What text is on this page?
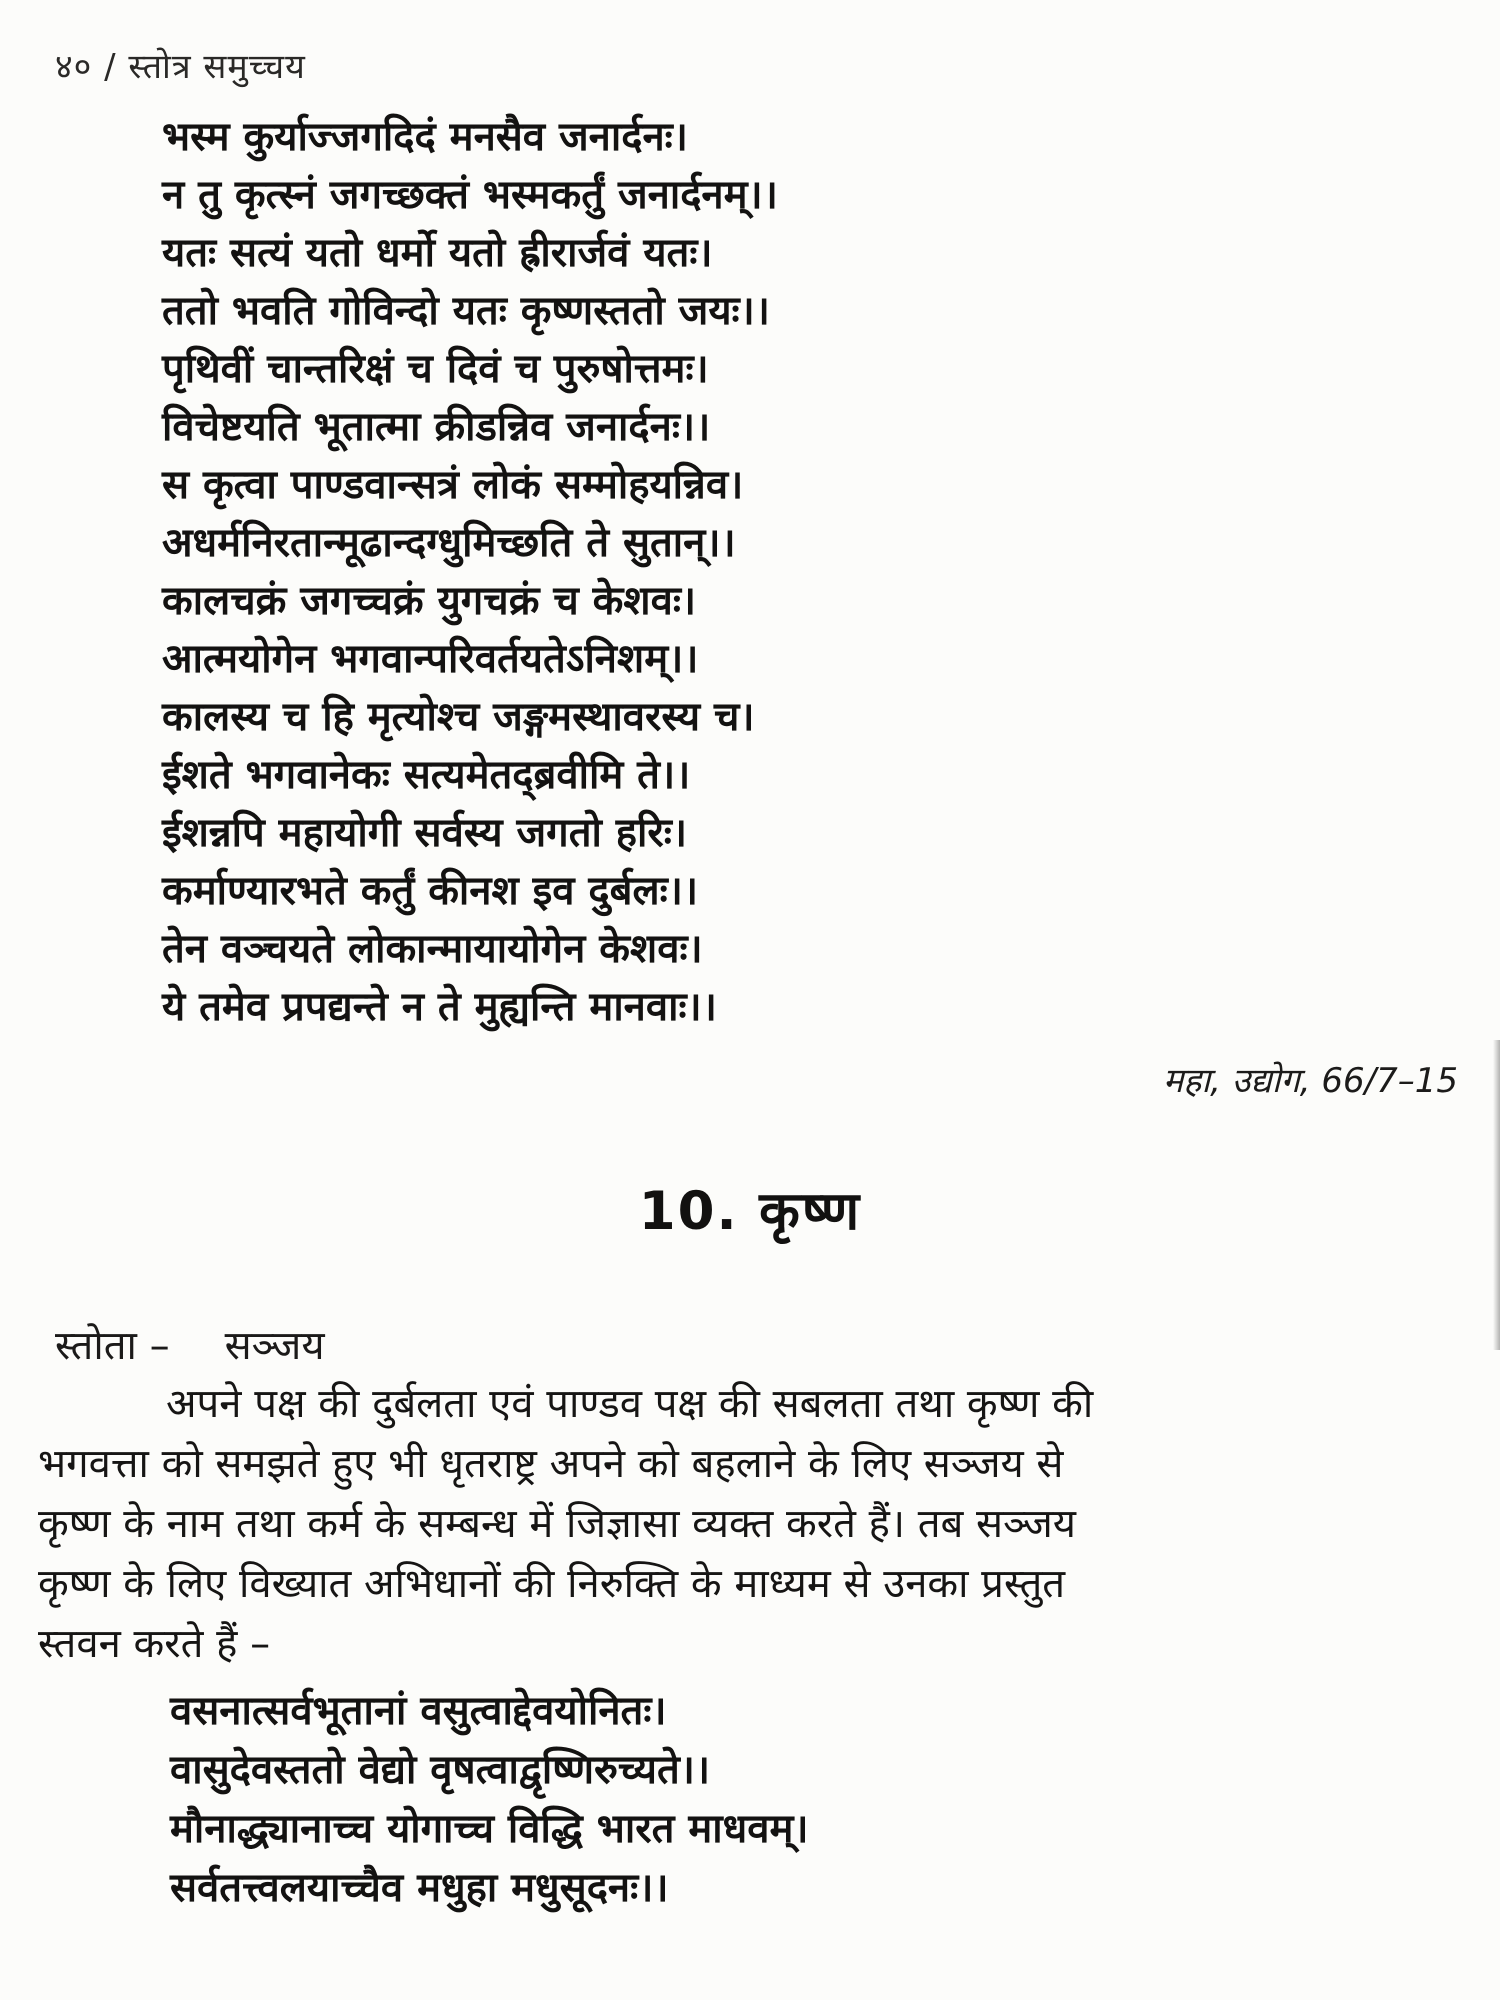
४० / स्तोत्र समुच्चय
भस्म कुर्याज्जगदिदं मनसैव जनार्दनः।
न तु कृत्स्नं जगच्छक्तं भस्मकर्तुं जनार्दनम्।।
यतः सत्यं यतो धर्मो यतो ह्रीरार्जवं यतः।
ततो भवति गोविन्दो यतः कृष्णस्ततो जयः।।
पृथिवीं चान्तरिक्षं च दिवं च पुरुषोत्तमः।
विचेष्टयति भूतात्मा क्रीडन्निव जनार्दनः।।
स कृत्वा पाण्डवान्सत्रं लोकं सम्मोहयन्निव।
अधर्मनिरतान्मूढान्दग्धुमिच्छति ते सुतान्।।
कालचक्रं जगच्चक्रं युगचक्रं च केशवः।
आत्मयोगेन भगवान्परिवर्तयतेऽनिशम्।।
कालस्य च हि मृत्योश्च जङ्गमस्थावरस्य च।
ईशते भगवानेकः सत्यमेतद्ब्रवीमि ते।।
ईशन्नपि महायोगी सर्वस्य जगतो हरिः।
कर्माण्यारभते कर्तुं कीनश इव दुर्बलः।।
तेन वञ्चयते लोकान्मायायोगेन केशवः।
ये तमेव प्रपद्यन्ते न ते मुह्यन्ति मानवाः।।
महा, उद्योग, 66/7–15
10. कृष्ण
स्तोता – सञ्जय
अपने पक्ष की दुर्बलता एवं पाण्डव पक्ष की सबलता तथा कृष्ण की
भगवत्ता को समझते हुए भी धृतराष्ट्र अपने को बहलाने के लिए सञ्जय से
कृष्ण के नाम तथा कर्म के सम्बन्ध में जिज्ञासा व्यक्त करते हैं। तब सञ्जय
कृष्ण के लिए विख्यात अभिधानों की निरुक्ति के माध्यम से उनका प्रस्तुत
स्तवन करते हैं –
वसनात्सर्वभूतानां वसुत्वाद्देवयोनितः।
वासुदेवस्ततो वेद्यो वृषत्वाद्वृष्णिरुच्यते।।
मौनाद्ध्यानाच्च योगाच्च विद्धि भारत माधवम्।
सर्वतत्त्वलयाच्चैव मधुहा मधुसूदनः।।
